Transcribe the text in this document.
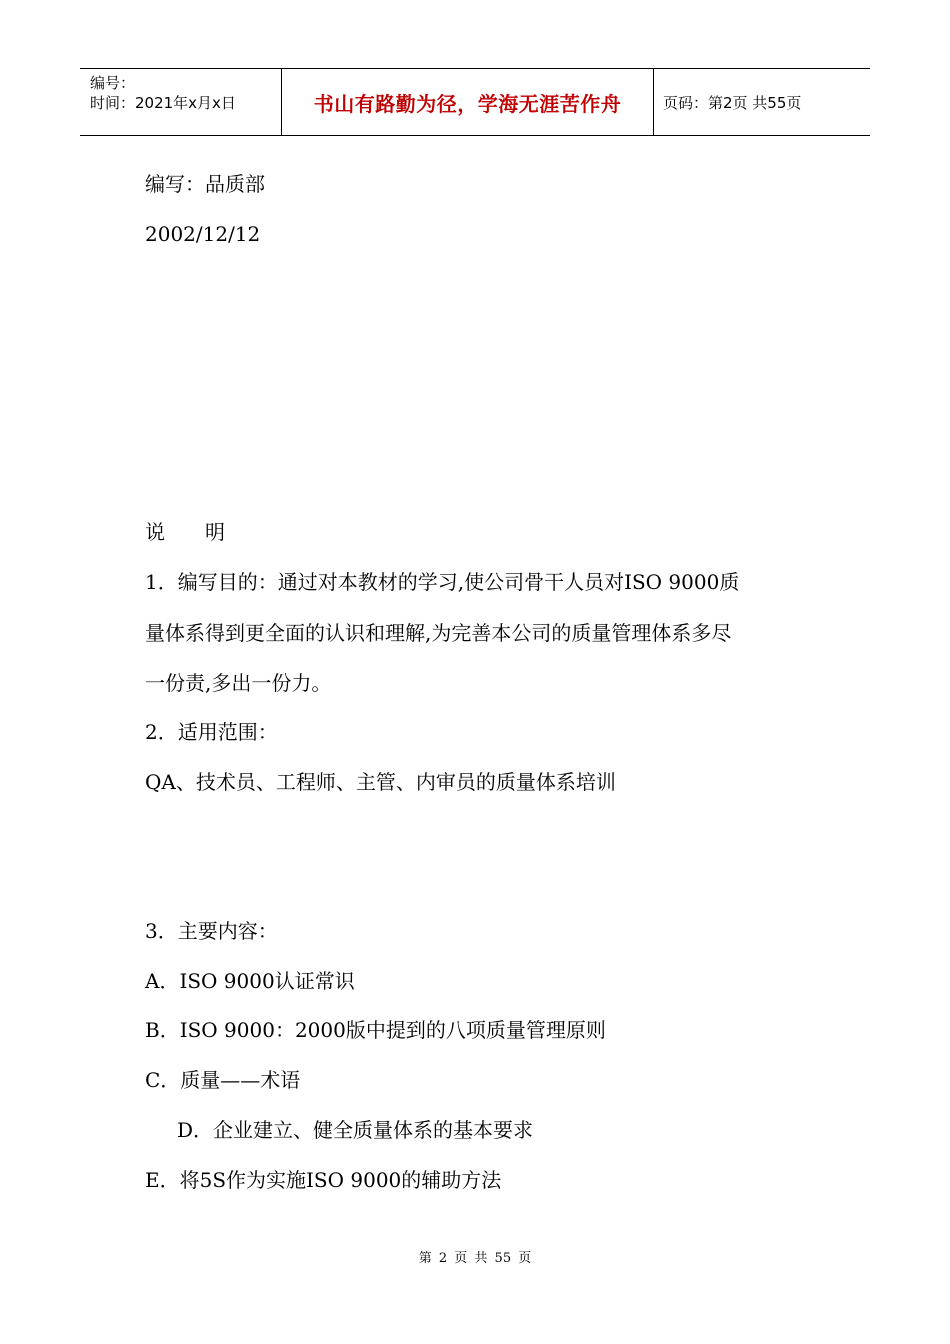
编号：
时间：2021年x月x日	书山有路勤为径，学海无涯苦作舟	页码：第2页 共55页
编写：品质部
2002/12/12
说　　明
1．编写目的：通过对本教材的学习,使公司骨干人员对ISO 9000质
量体系得到更全面的认识和理解,为完善本公司的质量管理体系多尽
一份责,多出一份力。
2．适用范围：
QA、技术员、工程师、主管、内审员的质量体系培训
3．主要内容：
A．ISO 9000认证常识
B．ISO 9000：2000版中提到的八项质量管理原则
C．质量——术语
D．企业建立、健全质量体系的基本要求
E．将5S作为实施ISO 9000的辅助方法
第 2 页 共 55 页
